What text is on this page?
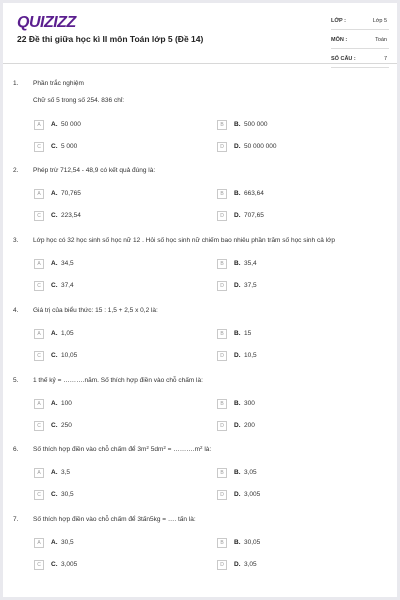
QUIZIZZ
22 Đề thi giữa học kì II môn Toán lớp 5 (Đề 14)
LỚP :	Lớp 5
MÔN :	Toán
SỐ CÂU :	7
1. Phần trắc nghiệm
Chữ số 5 trong số 254. 836 chỉ:
A	A. 50 000	B	B. 500 000
C	C. 5 000	D	D. 50 000 000
2. Phép trừ 712,54 - 48,9 có kết quả đúng là:
A	A. 70,765	B	B. 663,64
C	C. 223,54	D	D. 707,65
3. Lớp học có 32 học sinh số học nữ 12 . Hỏi số học sinh nữ chiếm bao nhiêu phần trăm số học sinh cả lớp
A	A. 34,5	B	B. 35,4
C	C. 37,4	D	D. 37,5
4. Giá trị của biểu thức: 15 : 1,5 + 2,5 x 0,2 là:
A	A. 1,05	B	B. 15
C	C. 10,05	D	D. 10,5
5. 1 thế kỷ = ……….năm. Số thích hợp điền vào chỗ chấm là:
A	A. 100	B	B. 300
C	C. 250	D	D. 200
6. Số thích hợp điền vào chỗ chấm để $3m^2$ $5dm^2$ = $\dots\dots\dots.m^2$ là:
A	A. 3,5	B	B. 3,05
C	C. 30,5	D	D. 3,005
7. Số thích hợp điền vào chỗ chấm để 3tấn5kg = …. tấn là:
A	A. 30,5	B	B. 30,05
C	C. 3,005	D	D. 3,05
